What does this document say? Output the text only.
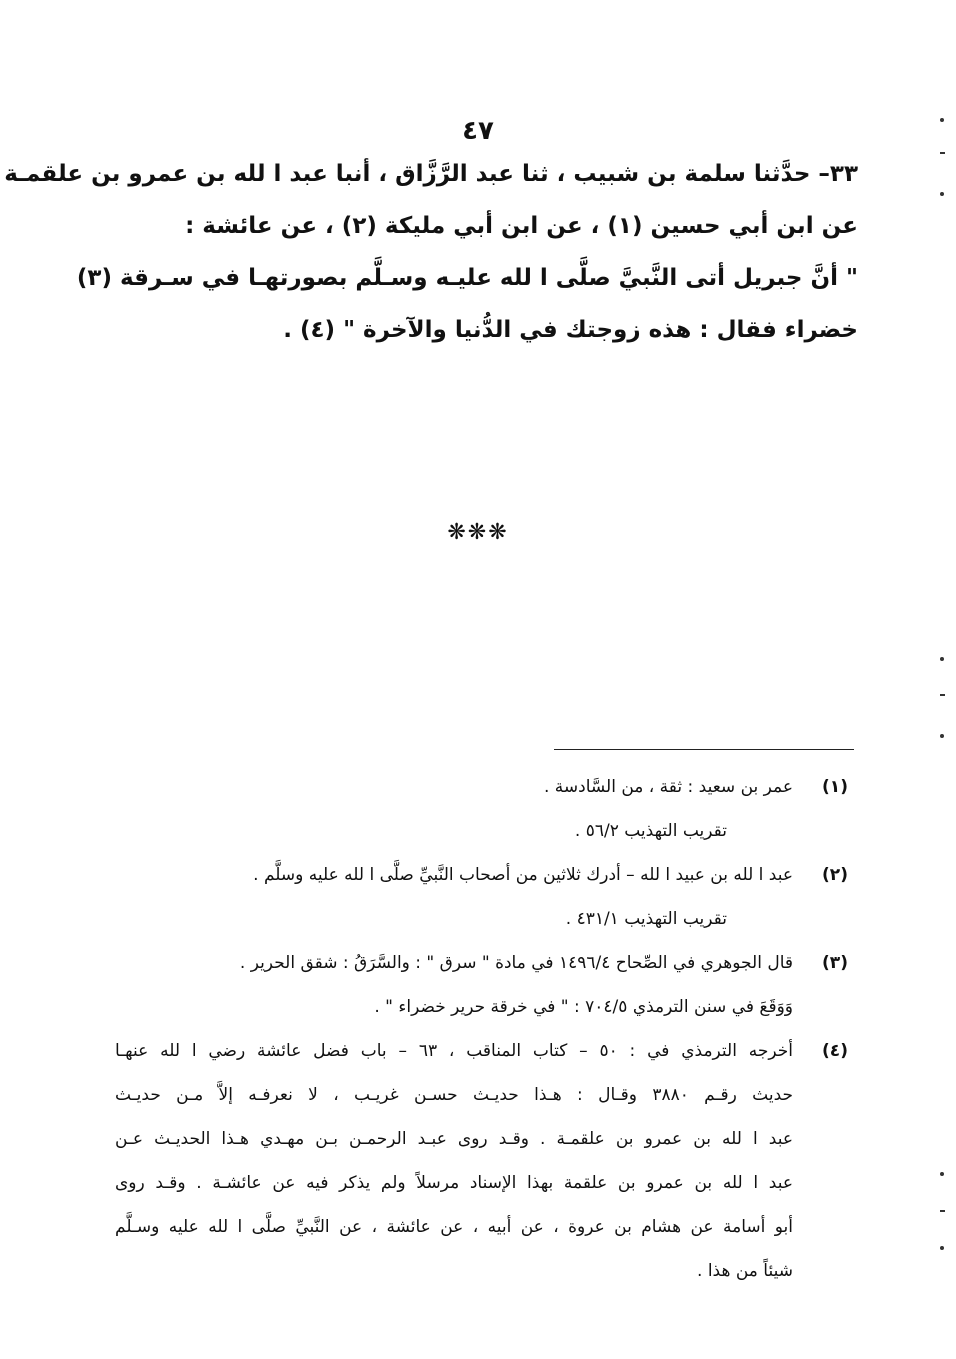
٤٧
٣٣– حدَّثنا سلمة بن شبيب ، ثنا عبد الرَّزَّاق ، أنبا عبد ا لله بن عمرو بن علقمـة
عن ابن أبي حسين (١) ، عن ابن أبي مليكة (٢) ، عن عائشة :
" أنَّ جبريل أتى النَّبيَّ صلَّى ا لله عليـه وسـلَّم بصورتهـا في سـرقة (٣)
خضراء فقال : هذه زوجتك في الدُّنيا والآخرة " (٤) .
❋❋❋
(١)
عمر بن سعيد : ثقة ، من السَّادسة .
تقريب التهذيب ٥٦/٢ .
(٢)
عبد ا لله بن عبيد ا لله – أدرك ثلاثين من أصحاب النَّبيِّ صلَّى ا لله عليه وسلَّم .
تقريب التهذيب ٤٣١/١ .
(٣)
قال الجوهري في الصِّحاح ١٤٩٦/٤ في مادة " سرق " : والسَّرَقُ : شقق الحرير .
وَوَقَعَ في سنن الترمذي ٧٠٤/٥ : " في خرقة حرير خضراء " .
(٤)
أخرجه الترمذي في : ٥٠ – كتاب المناقب ، ٦٣ – باب فضل عائشة رضي ا لله عنهـا
حديث رقـم ٣٨٨٠ وقـال : هـذا حديـث حسـن غريـب ، لا نعرفـه إلاَّ مـن حديـث
عبد ا لله بن عمرو بن علقمـة . وقـد روى عبـد الرحمـن بـن مهـدي هـذا الحديـث عـن
عبد ا لله بن عمرو بن علقمة بهذا الإسناد مرسلاً ولم يذكر فيه عن عائشـة . وقـد روى
أبو أسامة عن هشام بن عروة ، عن أبيه ، عن عائشة ، عن النَّبيِّ صلَّى ا لله عليه وسـلَّم
شيئاً من هذا .
